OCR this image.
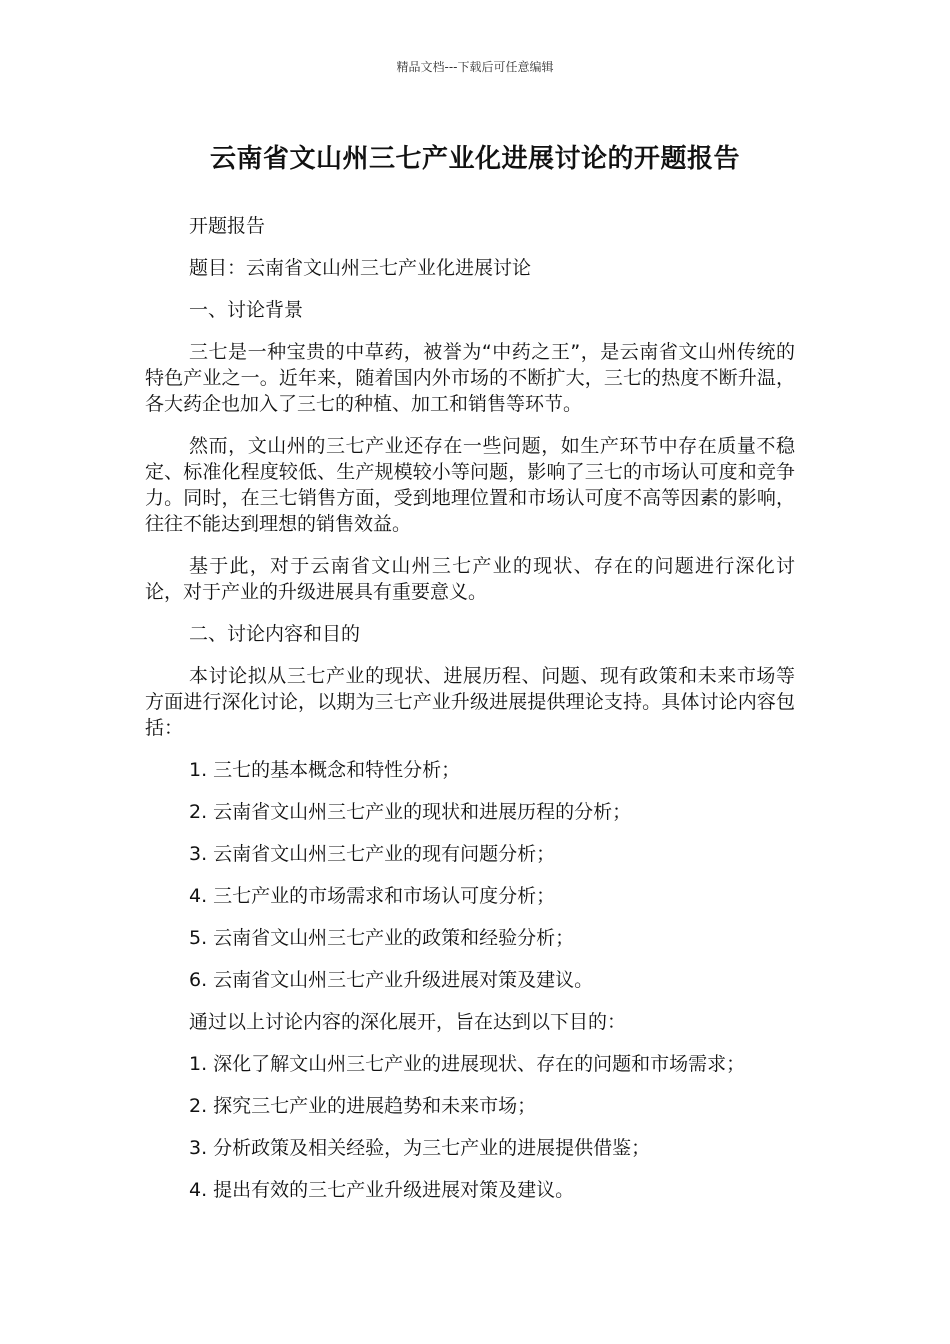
精品文档---下载后可任意编辑
云南省文山州三七产业化进展讨论的开题报告

开题报告

题目：云南省文山州三七产业化进展讨论

一、讨论背景

三七是一种宝贵的中草药，被誉为“中药之王”，是云南省文山州传统的特色产业之一。近年来，随着国内外市场的不断扩大，三七的热度不断升温，各大药企也加入了三七的种植、加工和销售等环节。

然而，文山州的三七产业还存在一些问题，如生产环节中存在质量不稳定、标准化程度较低、生产规模较小等问题，影响了三七的市场认可度和竞争力。同时，在三七销售方面，受到地理位置和市场认可度不高等因素的影响，往往不能达到理想的销售效益。

基于此，对于云南省文山州三七产业的现状、存在的问题进行深化讨论，对于产业的升级进展具有重要意义。

二、讨论内容和目的

本讨论拟从三七产业的现状、进展历程、问题、现有政策和未来市场等方面进行深化讨论，以期为三七产业升级进展提供理论支持。具体讨论内容包括：

1. 三七的基本概念和特性分析；

2. 云南省文山州三七产业的现状和进展历程的分析；

3. 云南省文山州三七产业的现有问题分析；

4. 三七产业的市场需求和市场认可度分析；

5. 云南省文山州三七产业的政策和经验分析；

6. 云南省文山州三七产业升级进展对策及建议。

通过以上讨论内容的深化展开，旨在达到以下目的：

1. 深化了解文山州三七产业的进展现状、存在的问题和市场需求；

2. 探究三七产业的进展趋势和未来市场；

3. 分析政策及相关经验，为三七产业的进展提供借鉴；

4. 提出有效的三七产业升级进展对策及建议。
